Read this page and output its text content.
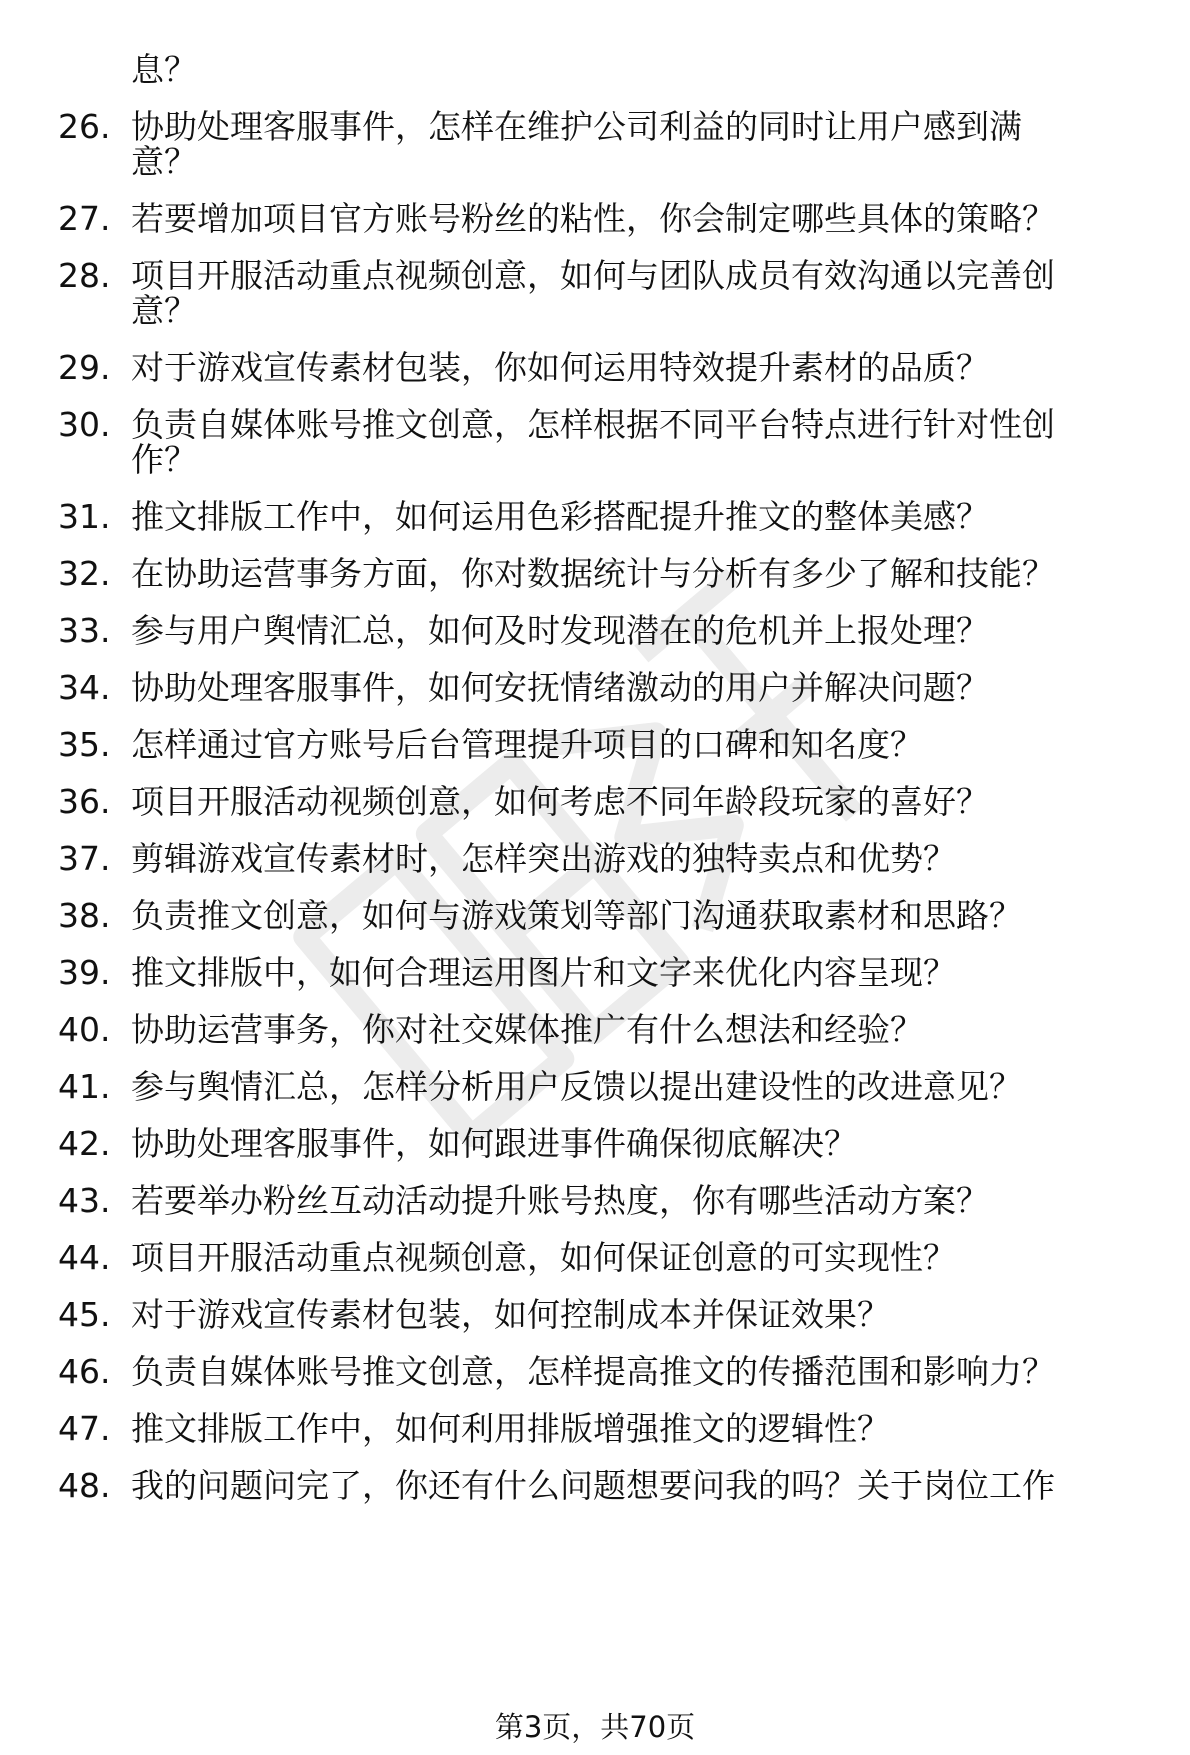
息？
26. 协助处理客服事件，怎样在维护公司利益的同时让用户感到满
意？
27. 若要增加项目官方账号粉丝的粘性，你会制定哪些具体的策略？
28. 项目开服活动重点视频创意，如何与团队成员有效沟通以完善创
意？
29. 对于游戏宣传素材包装，你如何运用特效提升素材的品质？
30. 负责自媒体账号推文创意，怎样根据不同平台特点进行针对性创
作？
31. 推文排版工作中，如何运用色彩搭配提升推文的整体美感？
32. 在协助运营事务方面，你对数据统计与分析有多少了解和技能？
33. 参与用户舆情汇总，如何及时发现潜在的危机并上报处理？
34. 协助处理客服事件，如何安抚情绪激动的用户并解决问题？
35. 怎样通过官方账号后台管理提升项目的口碑和知名度？
36. 项目开服活动视频创意，如何考虑不同年龄段玩家的喜好？
37. 剪辑游戏宣传素材时，怎样突出游戏的独特卖点和优势？
38. 负责推文创意，如何与游戏策划等部门沟通获取素材和思路？
39. 推文排版中，如何合理运用图片和文字来优化内容呈现？
40. 协助运营事务，你对社交媒体推广有什么想法和经验？
41. 参与舆情汇总，怎样分析用户反馈以提出建设性的改进意见？
42. 协助处理客服事件，如何跟进事件确保彻底解决？
43. 若要举办粉丝互动活动提升账号热度，你有哪些活动方案？
44. 项目开服活动重点视频创意，如何保证创意的可实现性？
45. 对于游戏宣传素材包装，如何控制成本并保证效果？
46. 负责自媒体账号推文创意，怎样提高推文的传播范围和影响力？
47. 推文排版工作中，如何利用排版增强推文的逻辑性？
48. 我的问题问完了，你还有什么问题想要问我的吗？关于岗位工作
第3页，共70页
